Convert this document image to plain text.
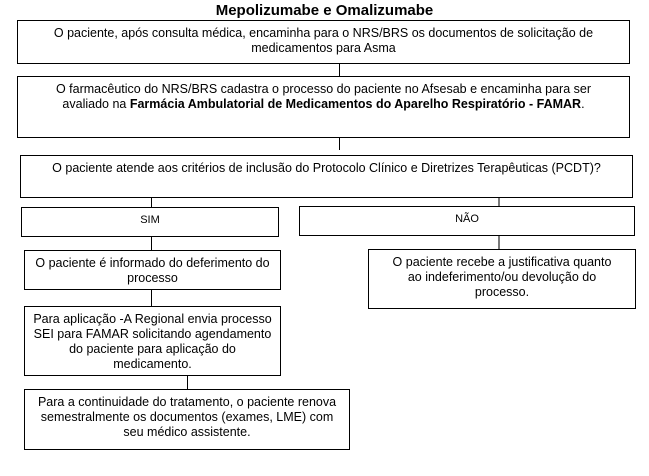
Mepolizumabe e Omalizumabe
O paciente, após consulta médica, encaminha para o NRS/BRS os documentos de solicitação de medicamentos para Asma
O farmacêutico do NRS/BRS cadastra o processo do paciente no Afsesab e encaminha para ser avaliado na Farmácia Ambulatorial de Medicamentos do Aparelho Respiratório - FAMAR.
O paciente atende aos critérios de inclusão do Protocolo Clínico e Diretrizes Terapêuticas (PCDT)?
SIM	NÃO
O paciente é informado do deferimento do processo
Para aplicação -A Regional envia processo SEI para FAMAR solicitando agendamento do paciente para aplicação do medicamento.
Para a continuidade do tratamento, o paciente renova semestralmente os documentos (exames, LME) com seu médico assistente.
O paciente recebe a justificativa quanto ao indeferimento/ou devolução do processo.
